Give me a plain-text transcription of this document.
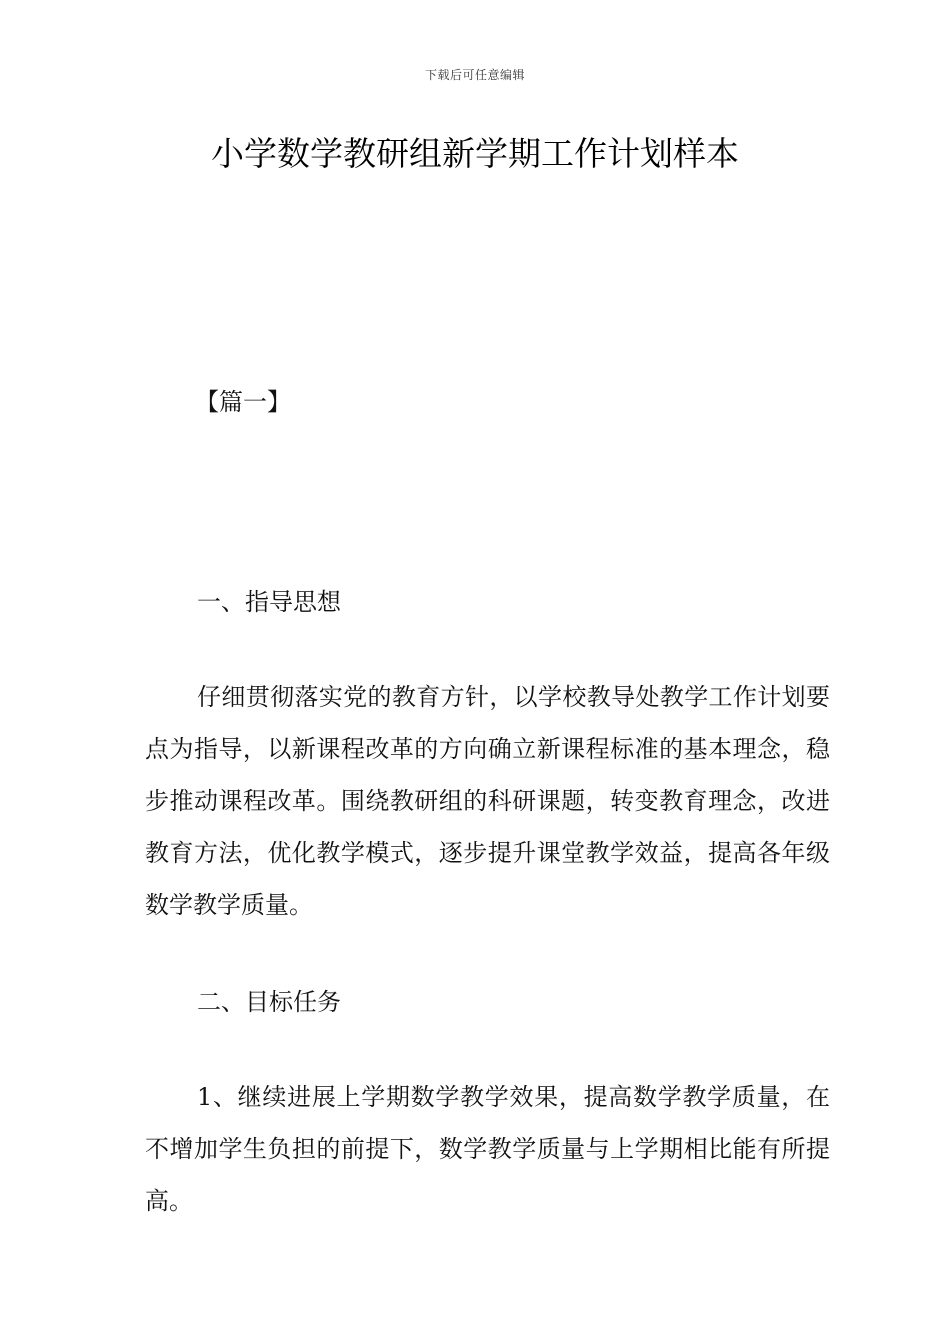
下载后可任意编辑
小学数学教研组新学期工作计划样本
【篇一】
一、指导思想

仔细贯彻落实党的教育方针，以学校教导处教学工作计划要点为指导，以新课程改革的方向确立新课程标准的基本理念，稳步推动课程改革。围绕教研组的科研课题，转变教育理念，改进教育方法，优化教学模式，逐步提升课堂教学效益，提高各年级数学教学质量。

二、目标任务

1、继续进展上学期数学教学效果，提高数学教学质量，在不增加学生负担的前提下，数学教学质量与上学期相比能有所提高。
